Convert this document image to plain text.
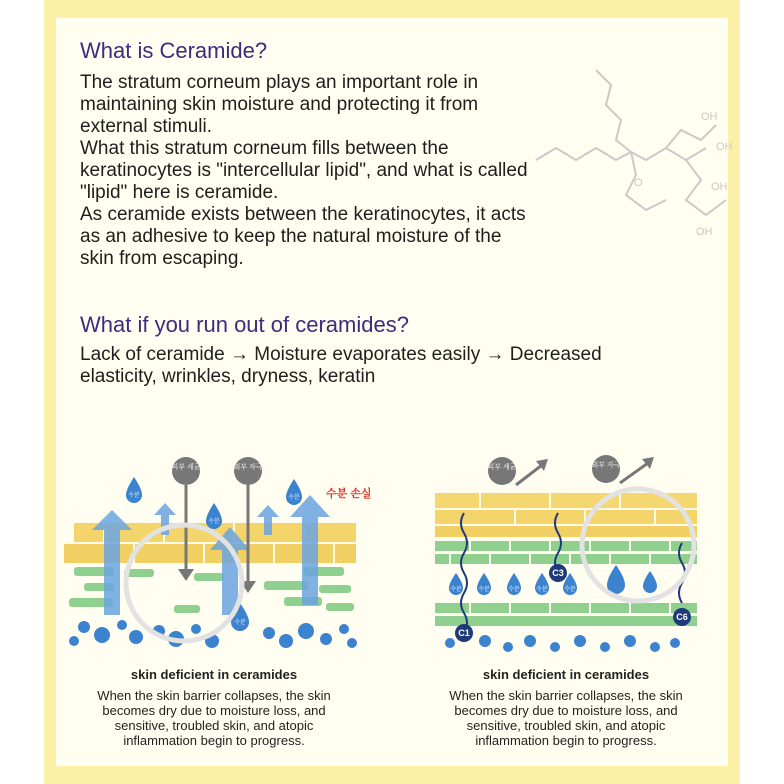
OH
OH
OH
OH
O
What is Ceramide?

The stratum corneum plays an important role in
maintaining skin moisture and protecting it from
external stimuli.
What this stratum corneum fills between the
keratinocytes is "intercellular lipid", and what is called
"lipid" here is ceramide.
As ceramide exists between the keratinocytes, it acts
as an adhesive to keep the natural moisture of the
skin from escaping.

What if you run out of ceramides?

Lack of ceramide → Moisture evaporates easily → Decreased
elasticity, wrinkles, dryness, keratin

수분
수분
수분
수분
피부 세균	외부 자극
수분 손실

skin deficient in ceramides

When the skin barrier collapses, the skin
becomes dry due to moisture loss, and
sensitive, troubled skin, and atopic
inflammation begin to progress.

수분	수분	수분	수분	수분
C1
C3
C6
피부 세균	외부 자극

skin deficient in ceramides

When the skin barrier collapses, the skin
becomes dry due to moisture loss, and
sensitive, troubled skin, and atopic
inflammation begin to progress.
